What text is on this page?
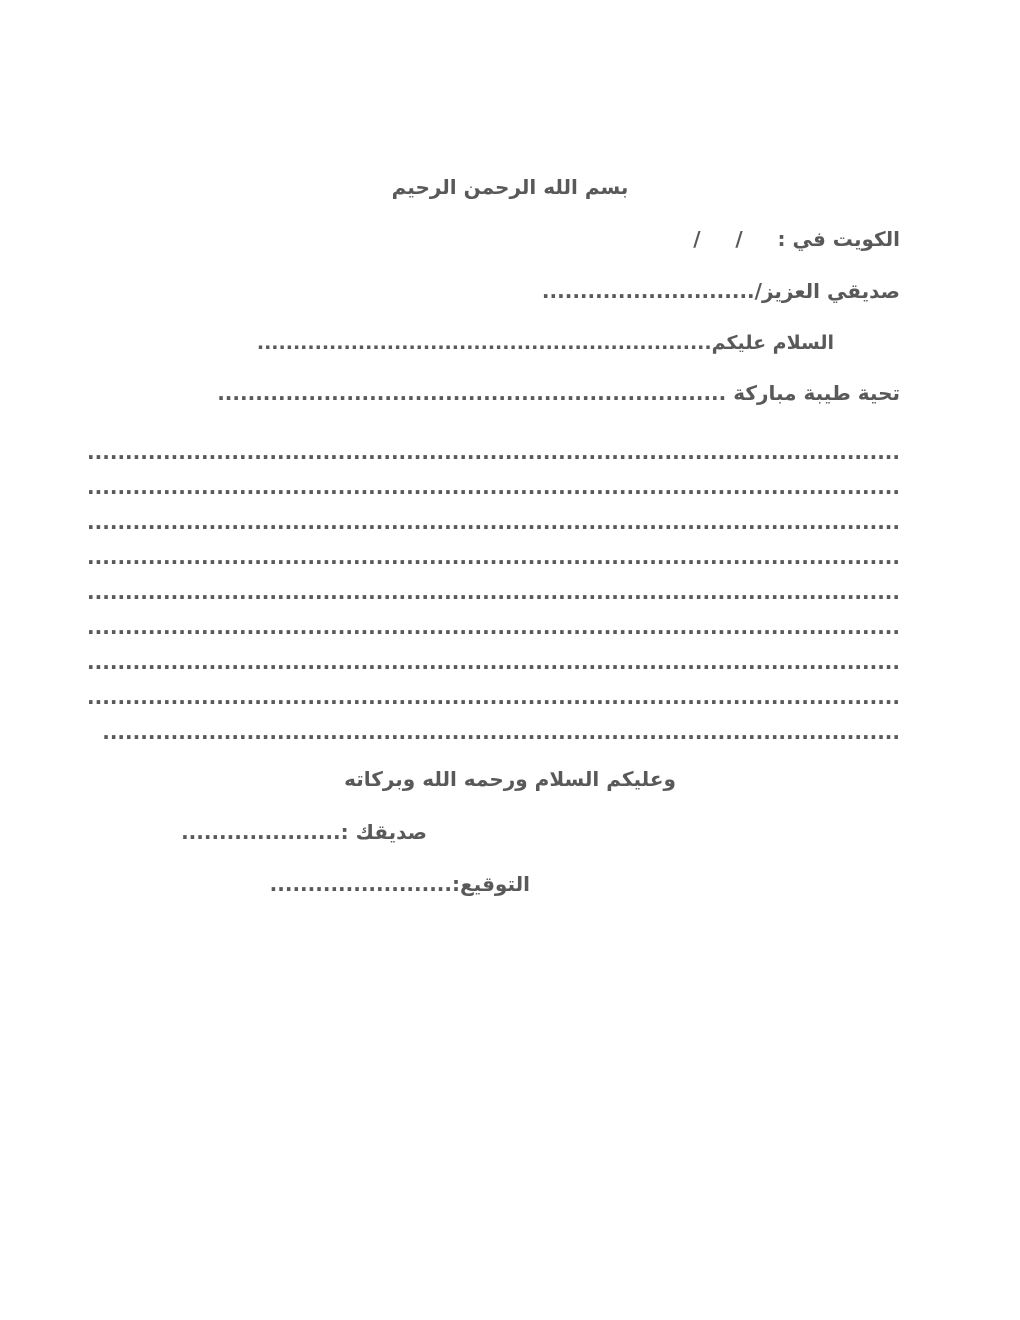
بسم الله الرحمن الرحيم
الكويت في :     /     /
صديقي العزيز/............................
السلام عليكم...............................................................
تحية طيبة مباركة ...................................................................
...........................................................................................................
...........................................................................................................
...........................................................................................................
...........................................................................................................
...........................................................................................................
...........................................................................................................
...........................................................................................................
...........................................................................................................
.........................................................................................................
وعليكم السلام ورحمه الله وبركاته
صديقك :.....................
التوقيع:........................
